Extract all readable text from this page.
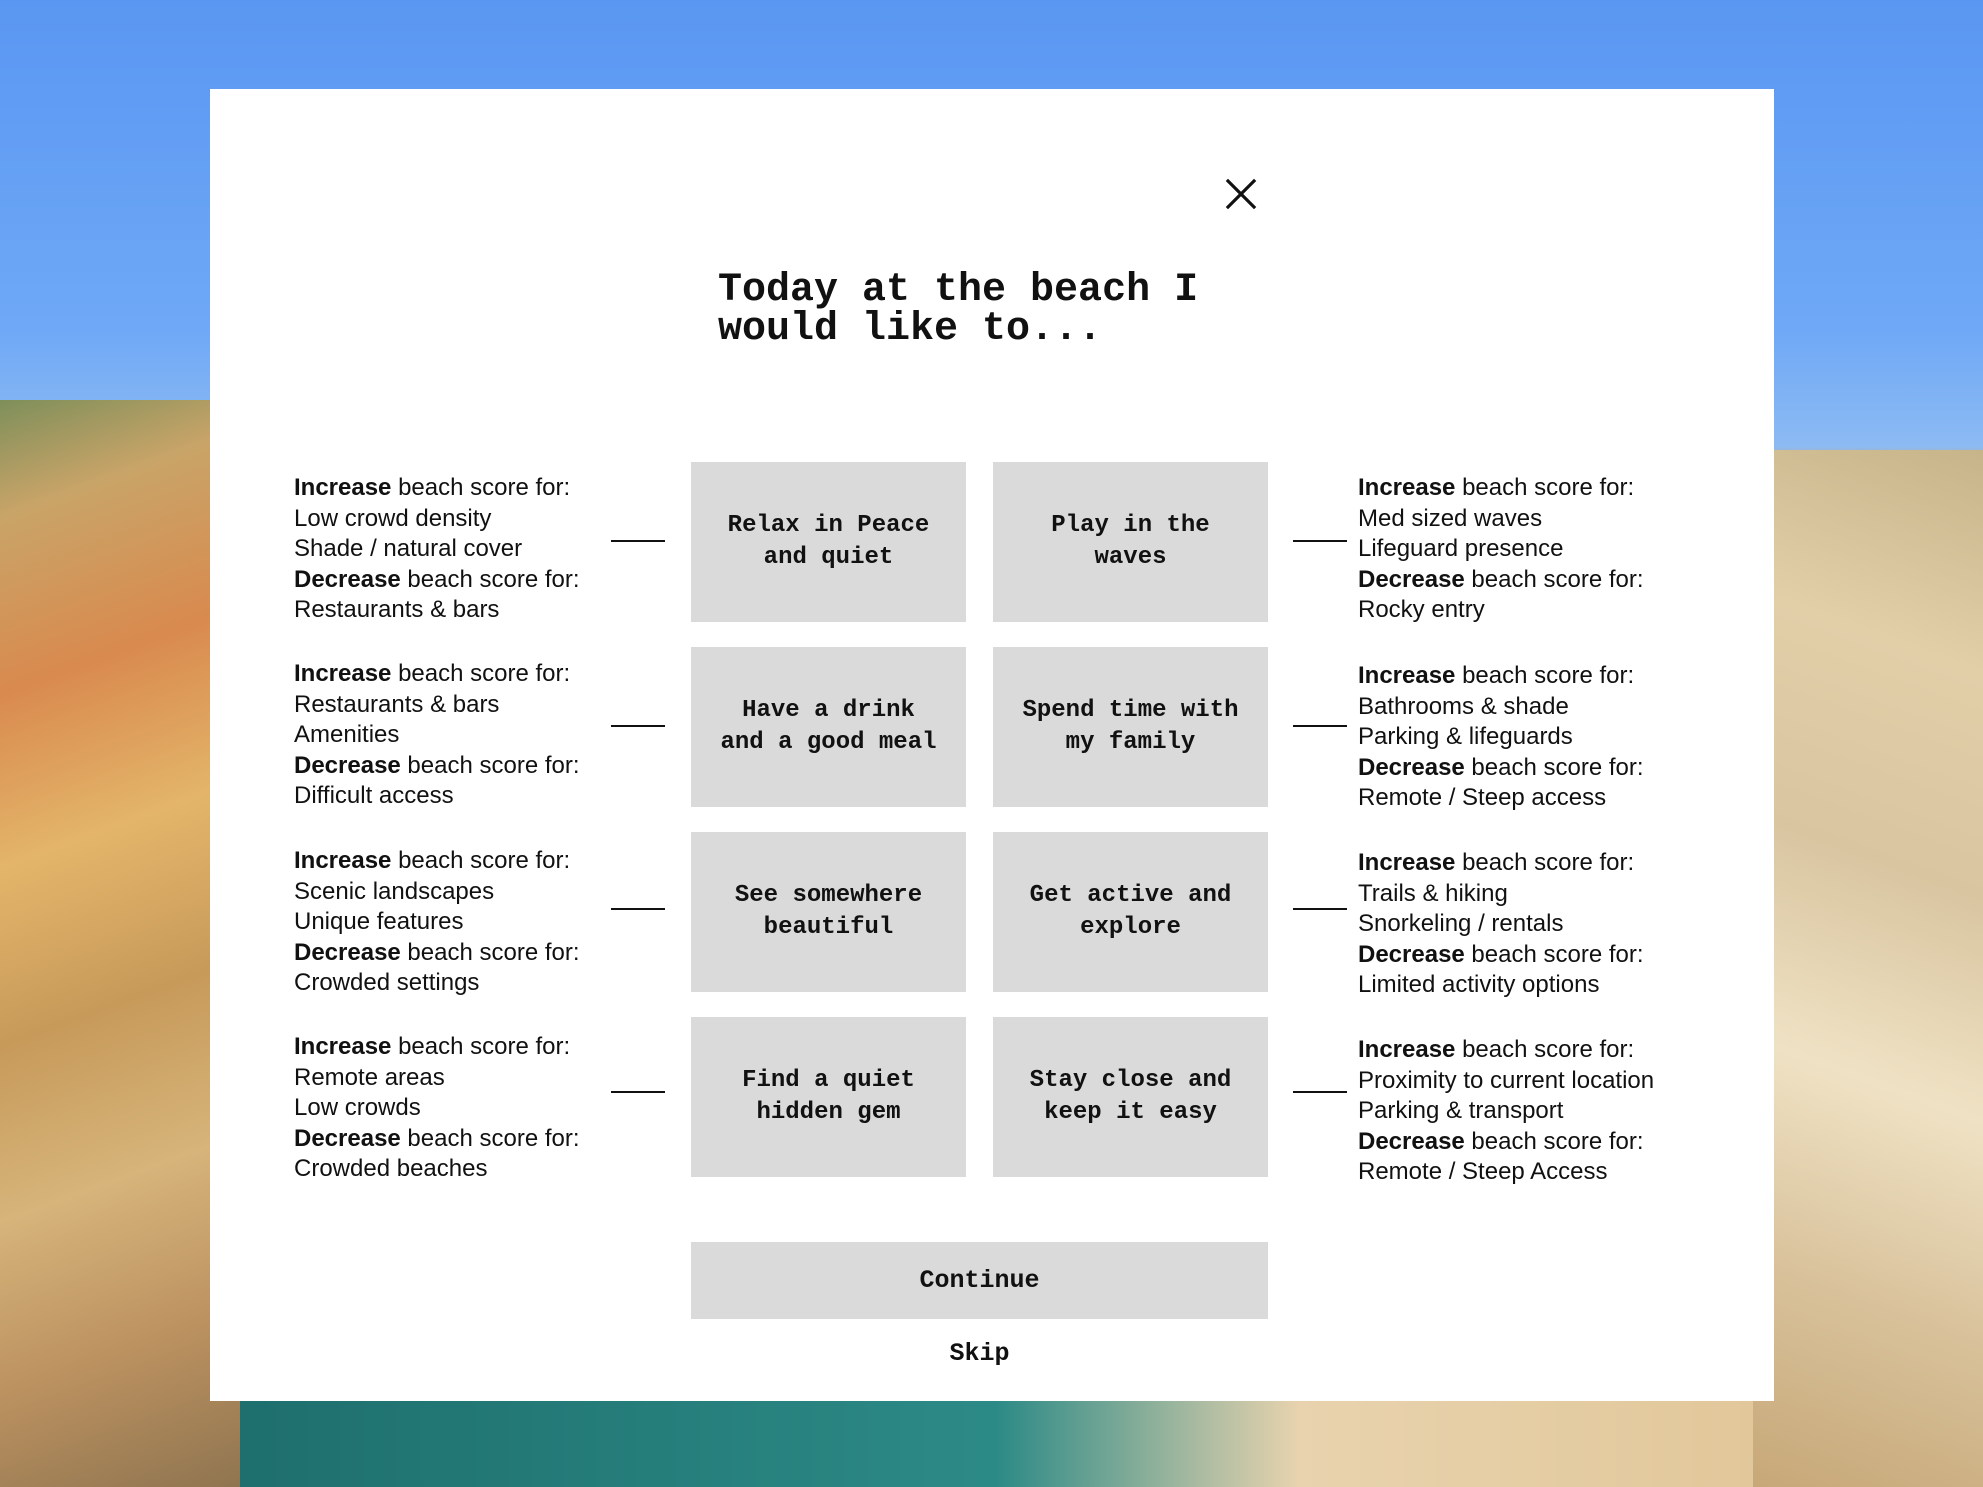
Today at the beach I
would like to...
Increase beach score for:
Low crowd density
Shade / natural cover
Decrease beach score for:
Restaurants & bars
Increase beach score for:
Restaurants & bars
Amenities
Decrease beach score for:
Difficult access
Increase beach score for:
Scenic landscapes
Unique features
Decrease beach score for:
Crowded settings
Increase beach score for:
Remote areas
Low crowds
Decrease beach score for:
Crowded beaches
Increase beach score for:
Med sized waves
Lifeguard presence
Decrease beach score for:
Rocky entry
Increase beach score for:
Bathrooms & shade
Parking & lifeguards
Decrease beach score for:
Remote / Steep access
Increase beach score for:
Trails & hiking
Snorkeling / rentals
Decrease beach score for:
Limited activity options
Increase beach score for:
Proximity to current location
Parking & transport
Decrease beach score for:
Remote / Steep Access
Relax in Peace
and quiet
Play in the
waves
Have a drink
and a good meal
Spend time with
my family
See somewhere
beautiful
Get active and
explore
Find a quiet
hidden gem
Stay close and
keep it easy
Continue
Skip
